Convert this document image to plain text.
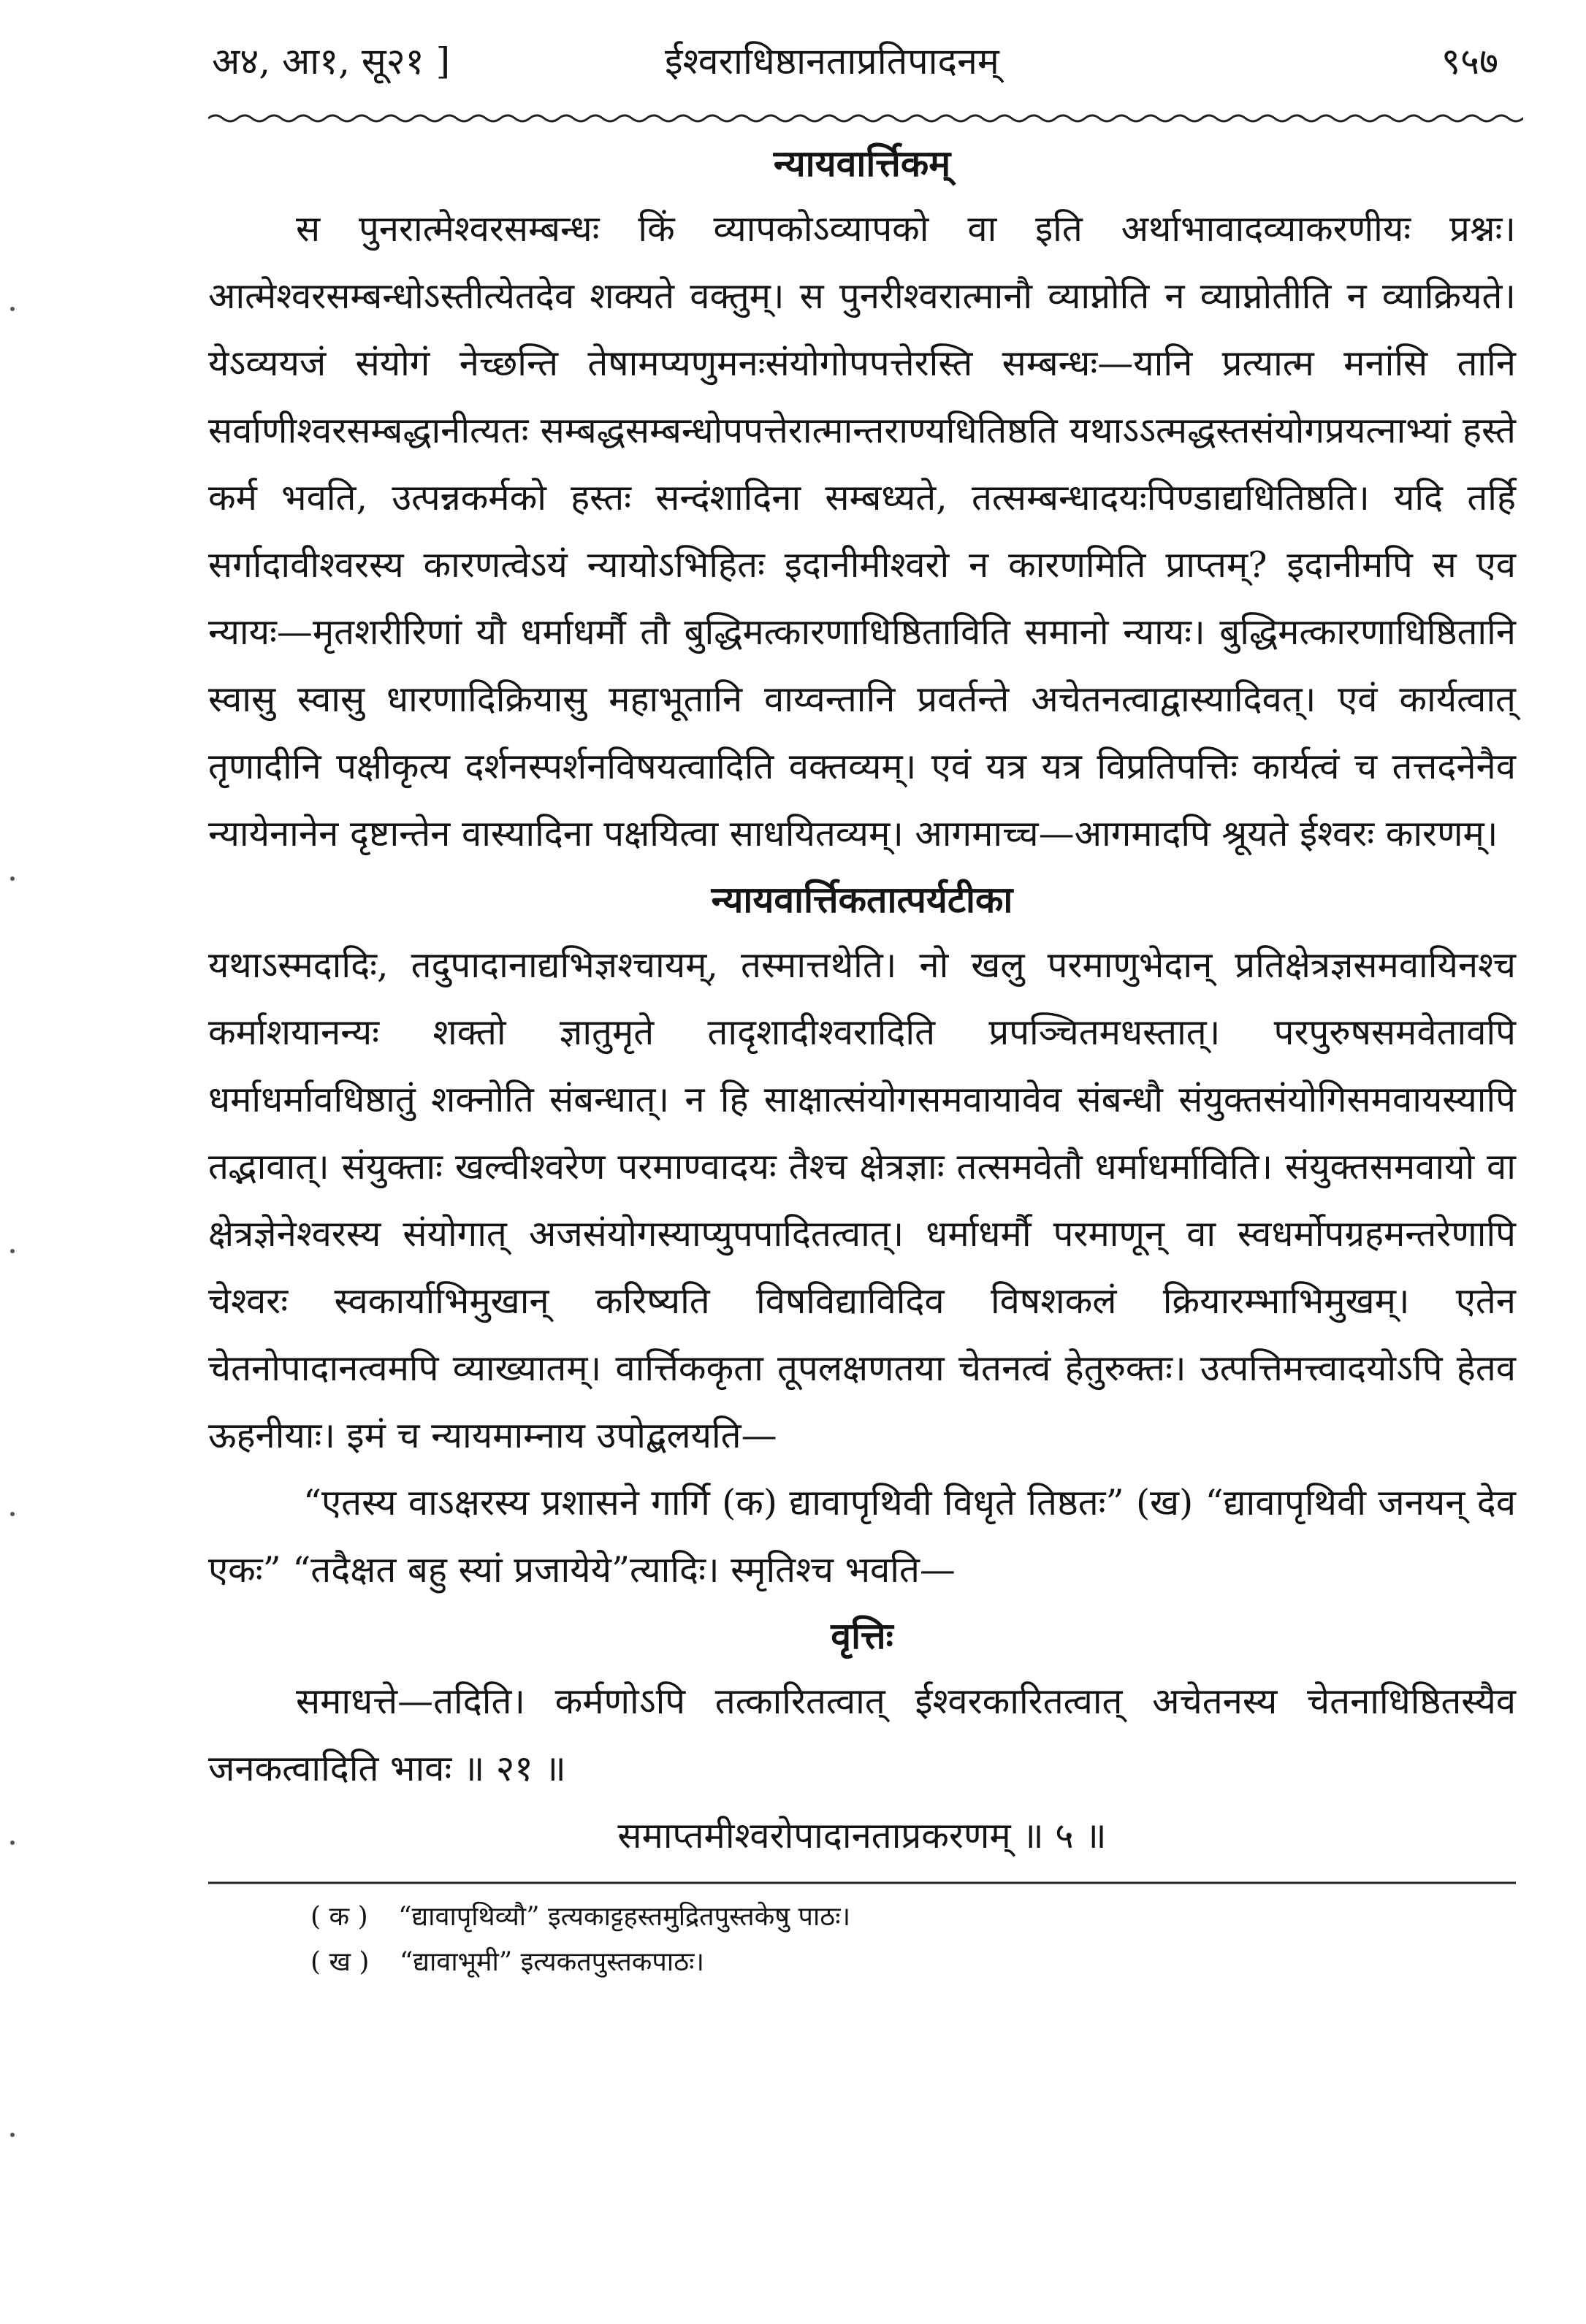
अ४, आ१, सू२१ ]	ईश्वराधिष्ठानताप्रतिपादनम्	९५७
न्यायवार्त्तिकम्

स पुनरात्मेश्वरसम्बन्धः किं व्यापकोऽव्यापको वा इति अर्थाभावादव्याकरणीयः प्रश्नः। आत्मेश्वरसम्बन्धोऽस्तीत्येतदेव शक्यते वक्तुम्। स पुनरीश्वरात्मानौ व्याप्नोति न व्याप्नोतीति न व्याक्रियते। येऽव्ययजं संयोगं नेच्छन्ति तेषामप्यणुमनःसंयोगोपपत्तेरस्ति सम्बन्धः—यानि प्रत्यात्म मनांसि तानि सर्वाणीश्वरसम्बद्धानीत्यतः सम्बद्धसम्बन्धोपपत्तेरात्मान्तराण्यधितिष्ठति यथाऽऽत्मद्धस्तसंयोगप्रयत्नाभ्यां हस्ते कर्म भवति, उत्पन्नकर्मको हस्तः सन्दंशादिना सम्बध्यते, तत्सम्बन्धादयःपिण्डाद्यधितिष्ठति। यदि तर्हि सर्गादावीश्वरस्य कारणत्वेऽयं न्यायोऽभिहितः इदानीमीश्वरो न कारणमिति प्राप्तम्? इदानीमपि स एव न्यायः—मृतशरीरिणां यौ धर्माधर्मौ तौ बुद्धिमत्कारणाधिष्ठिताविति समानो न्यायः। बुद्धिमत्कारणाधिष्ठितानि स्वासु स्वासु धारणादिक्रियासु महाभूतानि वाय्वन्तानि प्रवर्तन्ते अचेतनत्वाद्वास्यादिवत्। एवं कार्यत्वात् तृणादीनि पक्षीकृत्य दर्शनस्पर्शनविषयत्वादिति वक्तव्यम्। एवं यत्र यत्र विप्रतिपत्तिः कार्यत्वं च तत्तदनेनैव न्यायेनानेन दृष्टान्तेन वास्यादिना पक्षयित्वा साधयितव्यम्। आगमाच्च—आगमादपि श्रूयते ईश्वरः कारणम्।

न्यायवार्त्तिकतात्पर्यटीका

यथाऽस्मदादिः, तदुपादानाद्यभिज्ञश्चायम्, तस्मात्तथेति। नो खलु परमाणुभेदान् प्रतिक्षेत्रज्ञसमवायिनश्च कर्माशयानन्यः शक्तो ज्ञातुमृते तादृशादीश्वरादिति प्रपञ्चितमधस्तात्। परपुरुषसमवेतावपि धर्माधर्मावधिष्ठातुं शक्नोति संबन्धात्। न हि साक्षात्संयोगसमवायावेव संबन्धौ संयुक्तसंयोगिसमवायस्यापि तद्भावात्। संयुक्ताः खल्वीश्वरेण परमाण्वादयः तैश्च क्षेत्रज्ञाः तत्समवेतौ धर्माधर्माविति। संयुक्तसमवायो वा क्षेत्रज्ञेनेश्वरस्य संयोगात् अजसंयोगस्याप्युपपादितत्वात्। धर्माधर्मौ परमाणून् वा स्वधर्मोपग्रहमन्तरेणापि चेश्वरः स्वकार्याभिमुखान् करिष्यति विषविद्याविदिव विषशकलं क्रियारम्भाभिमुखम्। एतेन चेतनोपादानत्वमपि व्याख्यातम्। वार्त्तिककृता तूपलक्षणतया चेतनत्वं हेतुरुक्तः। उत्पत्तिमत्त्वादयोऽपि हेतव ऊहनीयाः। इमं च न्यायमाम्नाय उपोद्बलयति—

“एतस्य वाऽक्षरस्य प्रशासने गार्गि (क) द्यावापृथिवी विधृते तिष्ठतः” (ख) “द्यावापृथिवी जनयन् देव एकः” “तदैक्षत बहु स्यां प्रजायेये”त्यादिः। स्मृतिश्च भवति—

वृत्तिः

समाधत्ते—तदिति। कर्मणोऽपि तत्कारितत्वात् ईश्वरकारितत्वात् अचेतनस्य चेतनाधिष्ठितस्यैव जनकत्वादिति भावः ॥ २१ ॥

समाप्तमीश्वरोपादानताप्रकरणम् ॥ ५ ॥

( क ) “द्यावापृथिव्यौ” इत्यकाट्टहस्तमुद्रितपुस्तकेषु पाठः।

( ख ) “द्यावाभूमी” इत्यकतपुस्तकपाठः।
